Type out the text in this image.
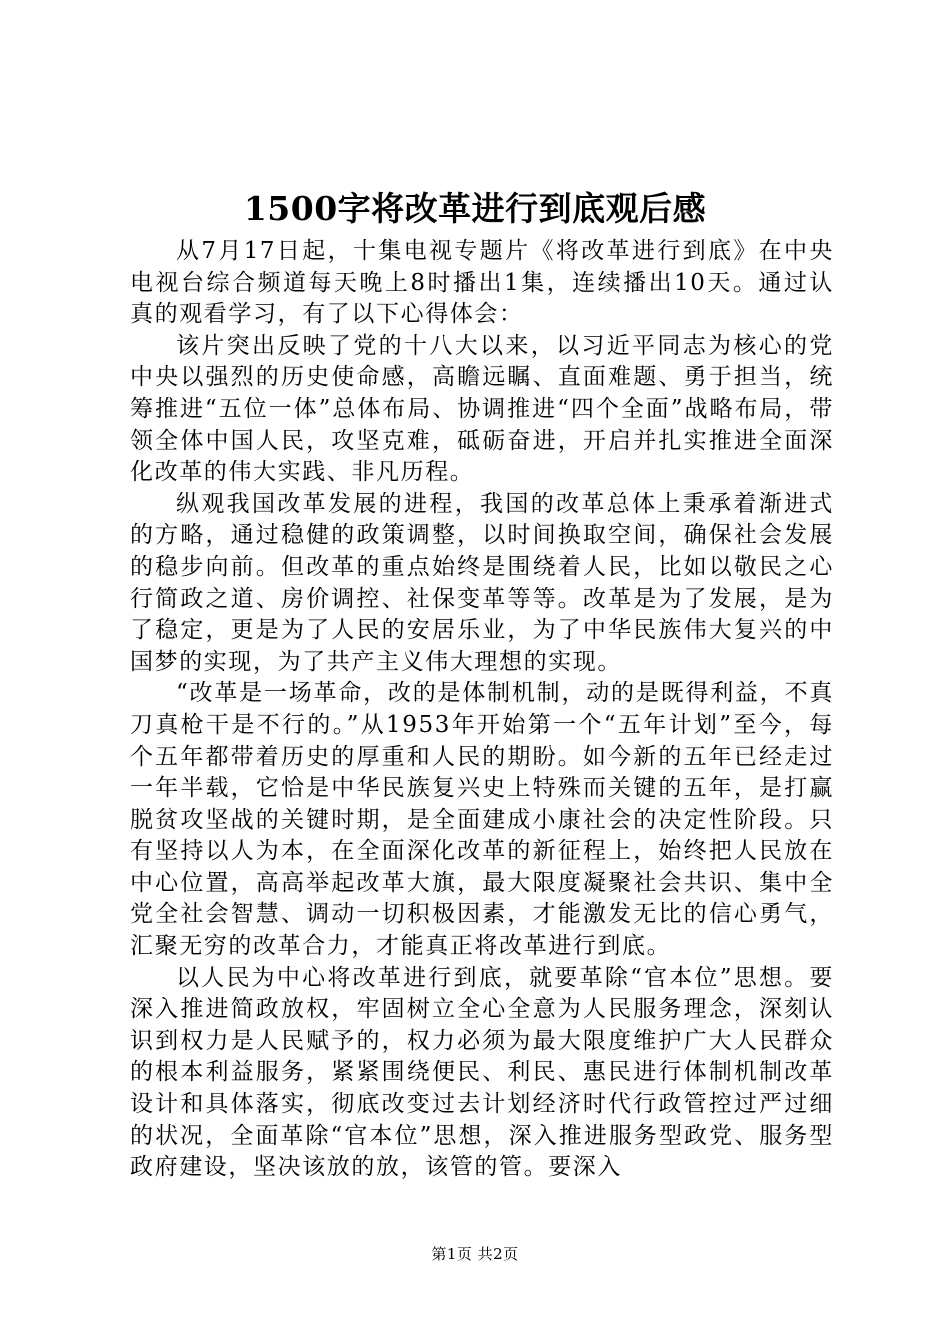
1500字将改革进行到底观后感

从7月17日起，十集电视专题片《将改革进行到底》在中央电视台综合频道每天晚上8时播出1集，连续播出10天。通过认真的观看学习，有了以下心得体会：

该片突出反映了党的十八大以来，以习近平同志为核心的党中央以强烈的历史使命感，高瞻远瞩、直面难题、勇于担当，统筹推进“五位一体”总体布局、协调推进“四个全面”战略布局，带领全体中国人民，攻坚克难，砥砺奋进，开启并扎实推进全面深化改革的伟大实践、非凡历程。

纵观我国改革发展的进程，我国的改革总体上秉承着渐进式的方略，通过稳健的政策调整，以时间换取空间，确保社会发展的稳步向前。但改革的重点始终是围绕着人民，比如以敬民之心行简政之道、房价调控、社保变革等等。改革是为了发展，是为了稳定，更是为了人民的安居乐业，为了中华民族伟大复兴的中国梦的实现，为了共产主义伟大理想的实现。

“改革是一场革命，改的是体制机制，动的是既得利益，不真刀真枪干是不行的。”从1953年开始第一个“五年计划”至今，每个五年都带着历史的厚重和人民的期盼。如今新的五年已经走过一年半载，它恰是中华民族复兴史上特殊而关键的五年，是打赢脱贫攻坚战的关键时期，是全面建成小康社会的决定性阶段。只有坚持以人为本，在全面深化改革的新征程上，始终把人民放在中心位置，高高举起改革大旗，最大限度凝聚社会共识、集中全党全社会智慧、调动一切积极因素，才能激发无比的信心勇气，汇聚无穷的改革合力，才能真正将改革进行到底。

以人民为中心将改革进行到底，就要革除“官本位”思想。要深入推进简政放权，牢固树立全心全意为人民服务理念，深刻认识到权力是人民赋予的，权力必须为最大限度维护广大人民群众的根本利益服务，紧紧围绕便民、利民、惠民进行体制机制改革设计和具体落实，彻底改变过去计划经济时代行政管控过严过细的状况，全面革除“官本位”思想，深入推进服务型政党、服务型政府建设，坚决该放的放，该管的管。要深入

第1页 共2页
